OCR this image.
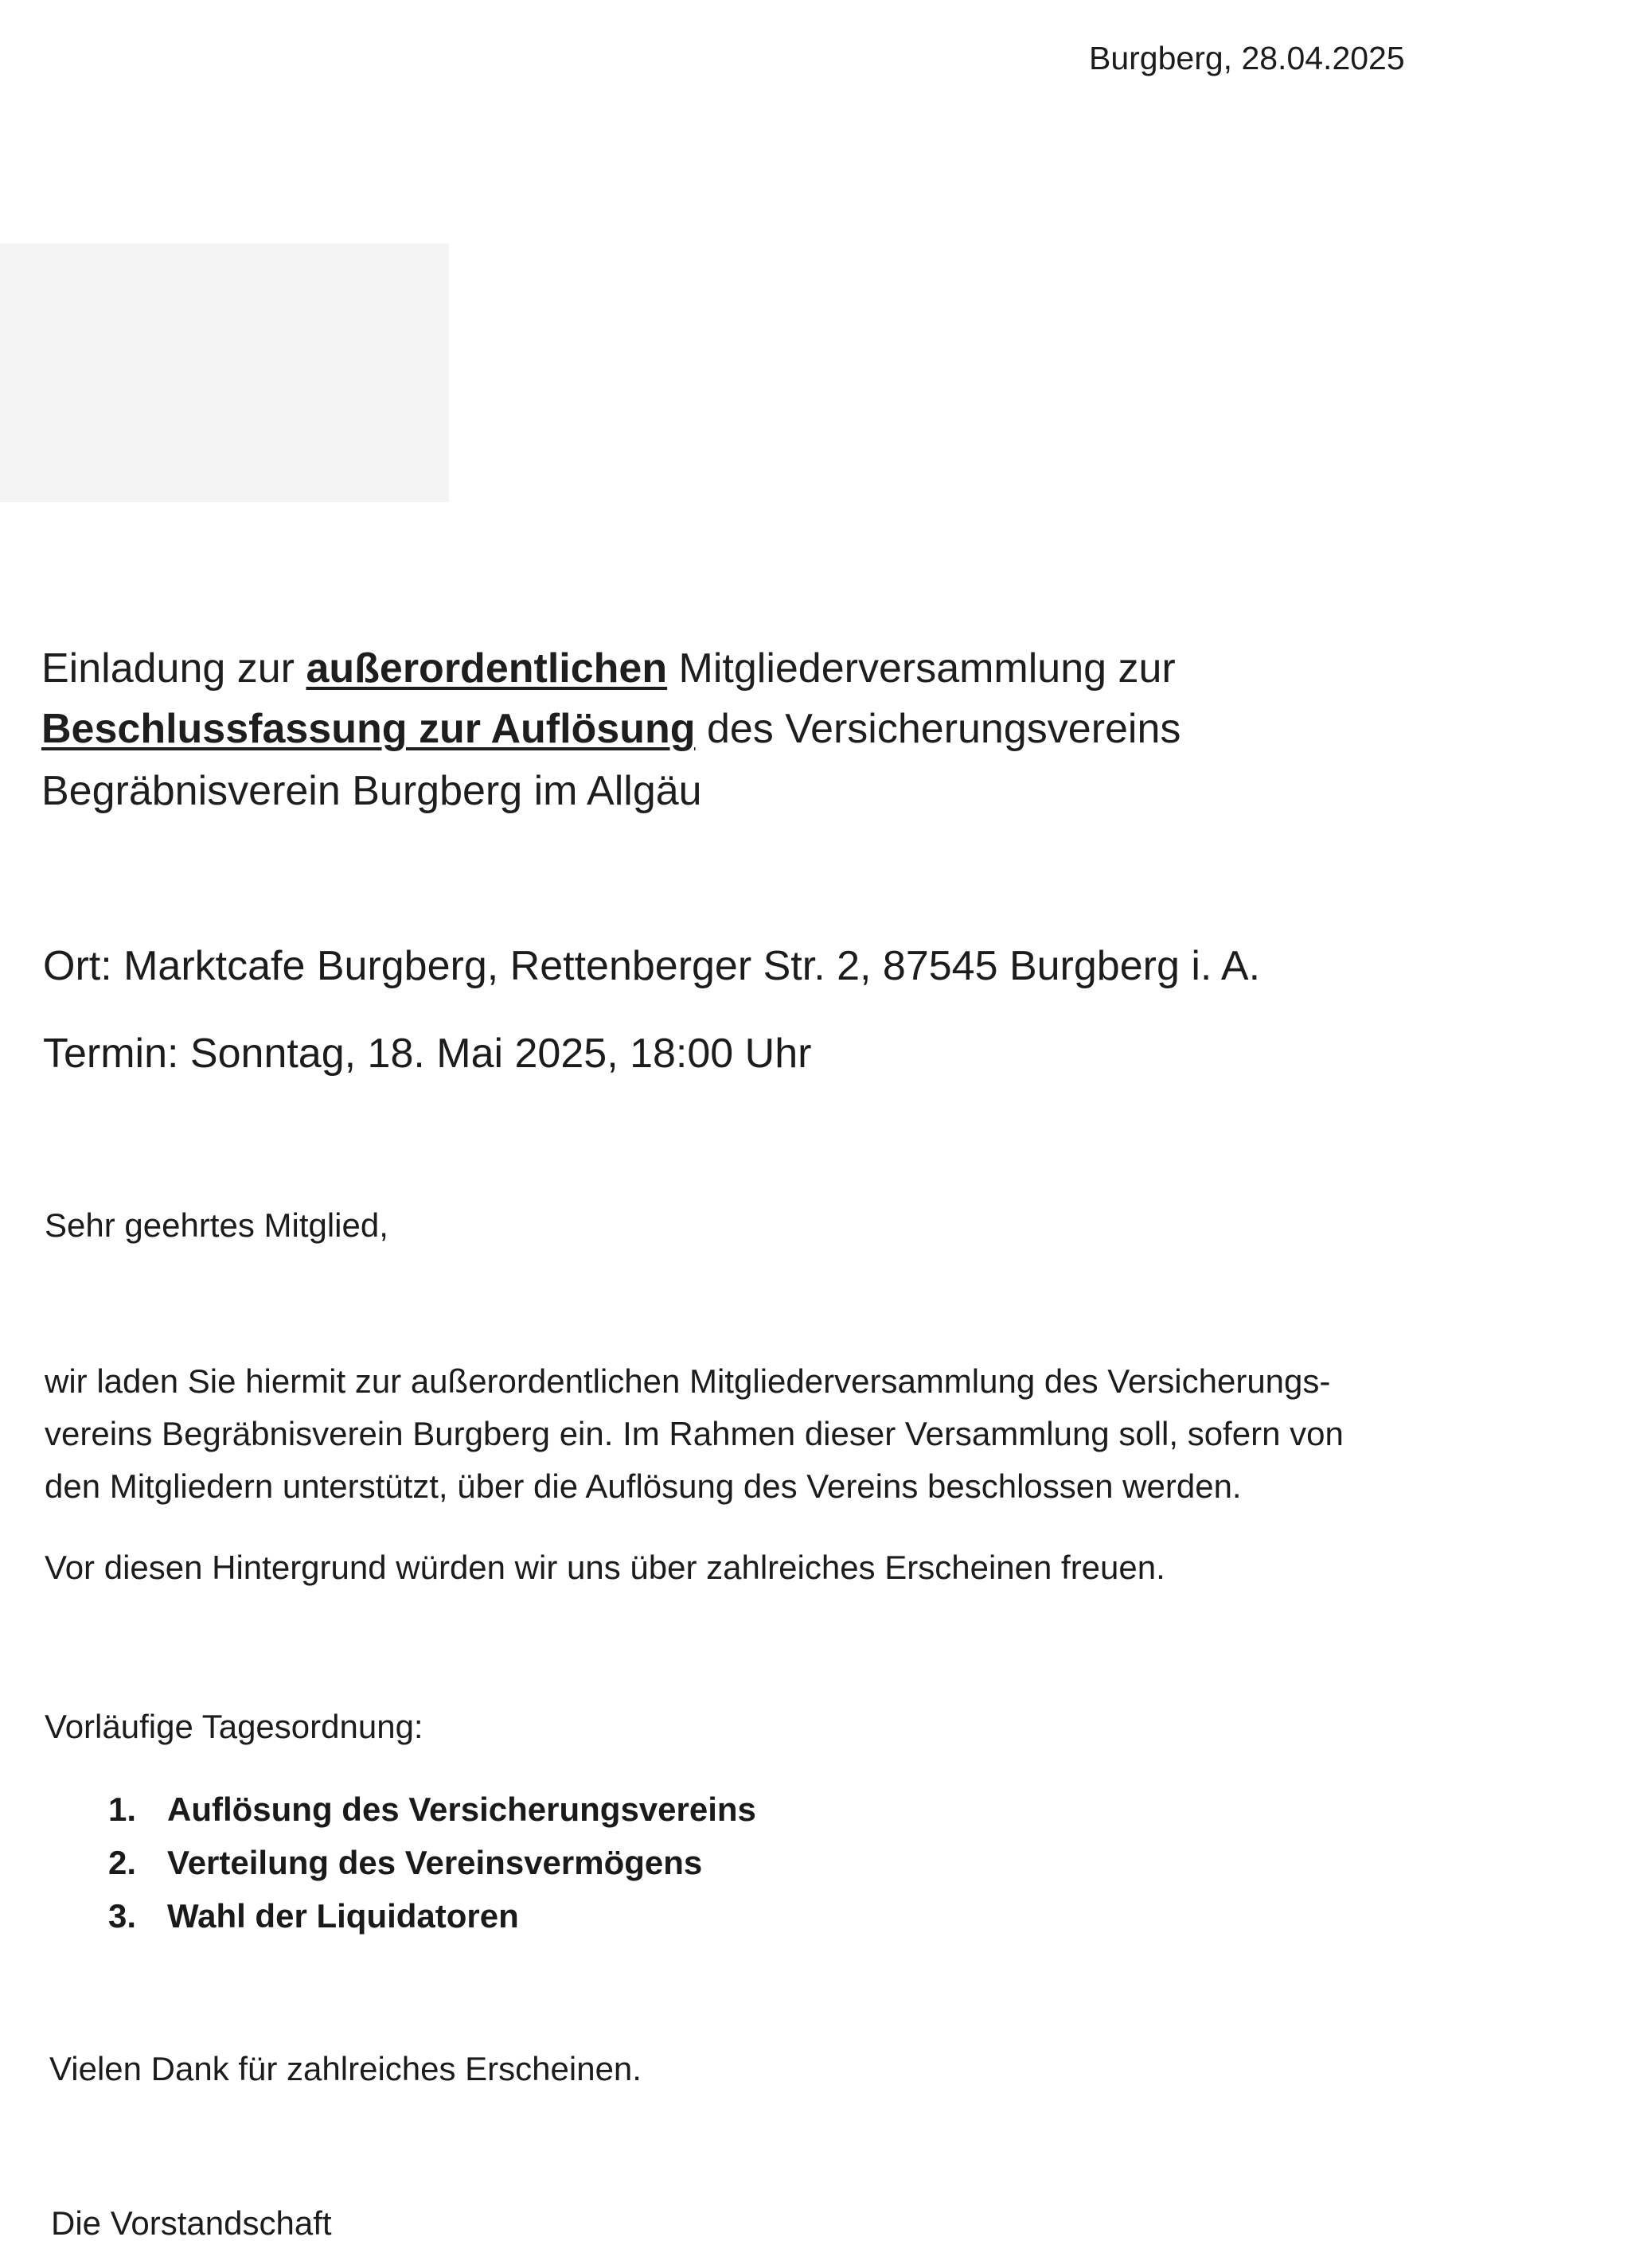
Burgberg, 28.04.2025
Einladung zur außerordentlichen Mitgliederversammlung zur
Beschlussfassung zur Auflösung des Versicherungsvereins
Begräbnisverein Burgberg im Allgäu
Ort: Marktcafe Burgberg, Rettenberger Str. 2, 87545 Burgberg i. A.
Termin: Sonntag, 18. Mai 2025, 18:00 Uhr
Sehr geehrtes Mitglied,
wir laden Sie hiermit zur außerordentlichen Mitgliederversammlung des Versicherungs-
vereins Begräbnisverein Burgberg ein. Im Rahmen dieser Versammlung soll, sofern von
den Mitgliedern unterstützt, über die Auflösung des Vereins beschlossen werden.
Vor diesen Hintergrund würden wir uns über zahlreiches Erscheinen freuen.
Vorläufige Tagesordnung:
1. Auflösung des Versicherungsvereins
2. Verteilung des Vereinsvermögens
3. Wahl der Liquidatoren
Vielen Dank für zahlreiches Erscheinen.
Die Vorstandschaft
